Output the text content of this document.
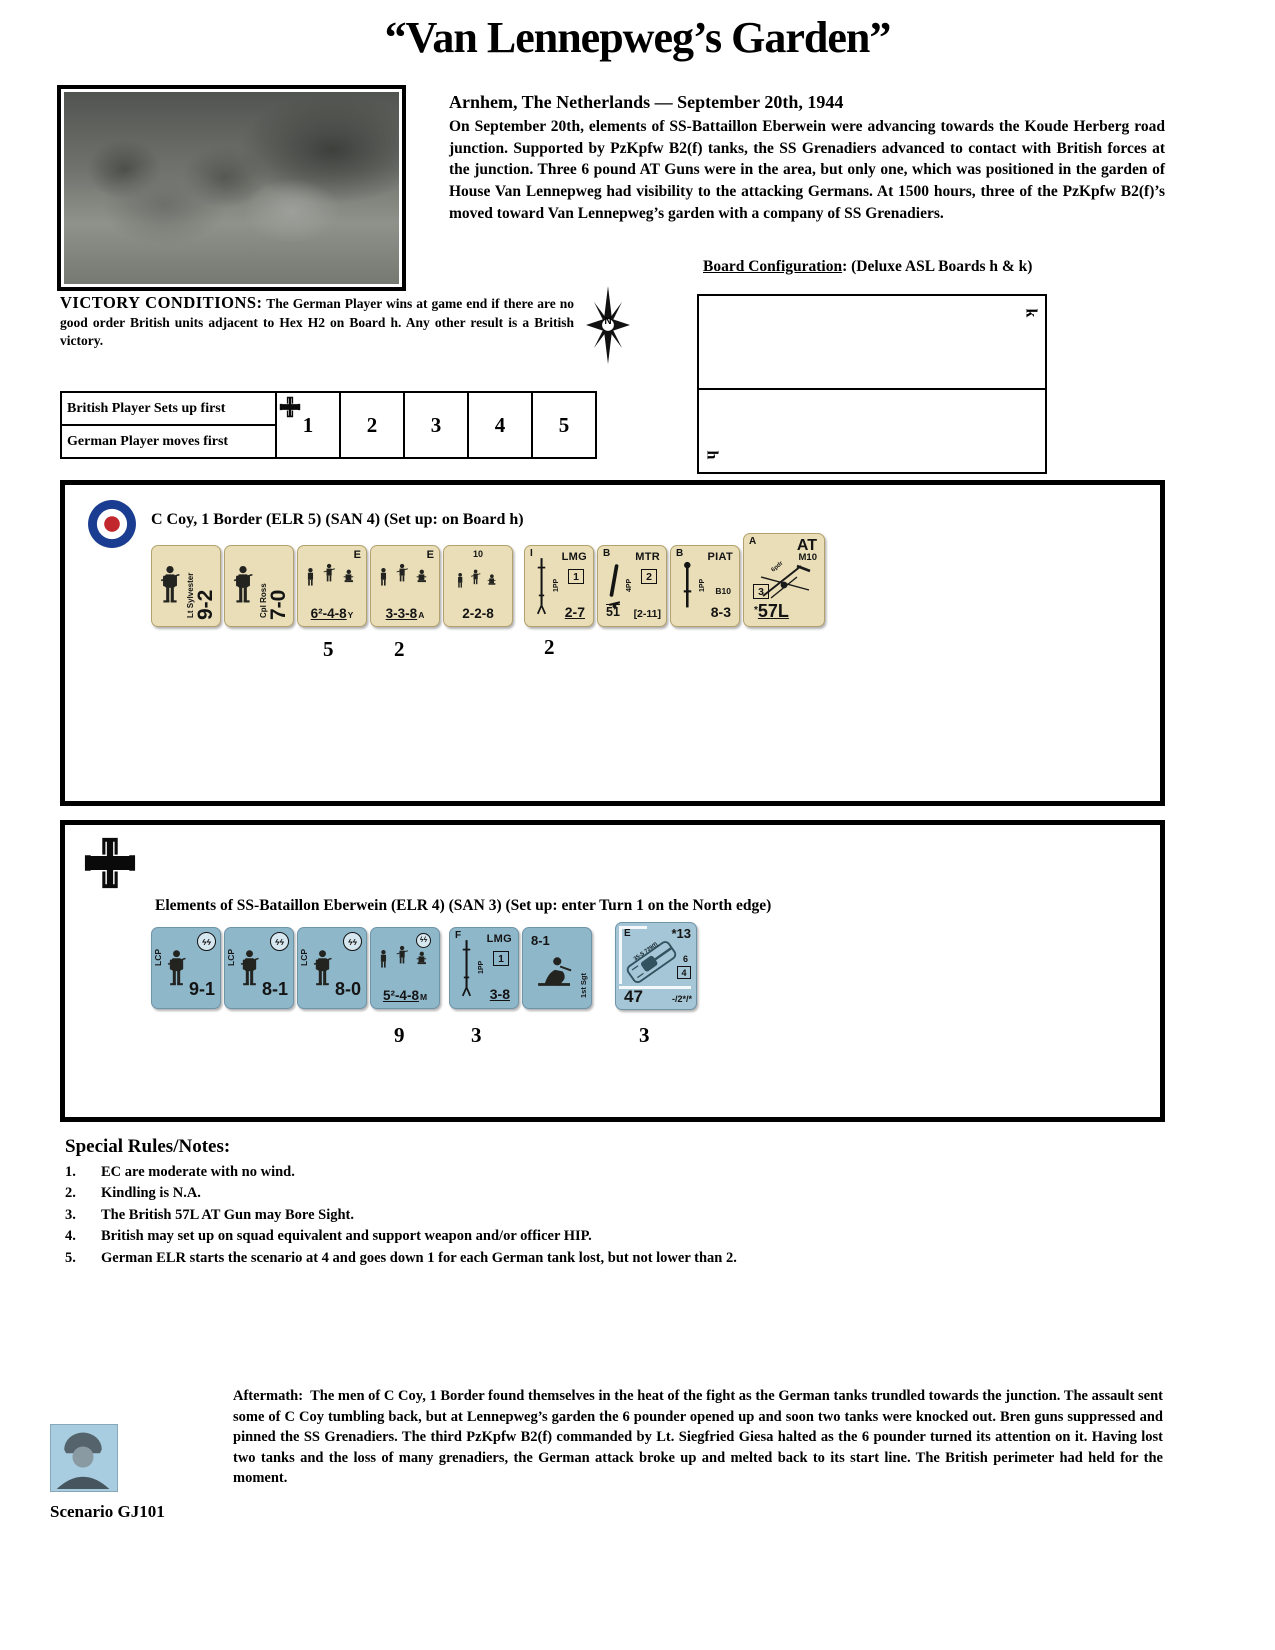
“Van Lennepweg’s Garden”
Arnhem, The Netherlands — September 20th, 1944
On September 20th, elements of SS-Battaillon Eberwein were advancing towards the Koude Herberg road junction. Supported by PzKpfw B2(f) tanks, the SS Grenadiers advanced to contact with British forces at the junction. Three 6 pound AT Guns were in the area, but only one, which was positioned in the garden of House Van Lennepweg had visibility to the attacking Germans. At 1500 hours, three of the PzKpfw B2(f)’s moved toward Van Lennepweg’s garden with a company of SS Grenadiers.
VICTORY CONDITIONS: The German Player wins at game end if there are no good order British units adjacent to Hex H2 on Board h. Any other result is a British victory.
N
Board Configuration: (Deluxe ASL Boards h & k)
k
h
British Player Sets up first
German Player moves first
1	2	3	4	5
C Coy, 1 Border (ELR 5) (SAN 4) (Set up: on Board h)
Lt Sylvester 9-2	Cpl Ross 7-0
E
6²-4-8Y
E
3-3-8A
10
2-2-8
I	LMG
1PP
1
2-7
B MTR
4PP
2
51 [2-11]
B PIAT
1PP B10
8-3
A	AT
M10
6pdr
3
*57L
5	2	2
Elements of SS-Bataillon Eberwein (ELR 4) (SAN 3) (Set up: enter Turn 1 on the North edge)
LCP
ϟϟ
9-1
LCP
ϟϟ
8-1
LCP
ϟϟ
8-0
ϟϟ
5²-4-8M
F LMG
1PP
1
3-8
8-1
1st Sgt
E	*13
35-S 739(f)	6
4
47	-/2*/*
9	3	3
Special Rules/Notes:
1.	EC are moderate with no wind.
2.	Kindling is N.A.
3.	The British 57L AT Gun may Bore Sight.
4.	British may set up on squad equivalent and support weapon and/or officer HIP.
5.	German ELR starts the scenario at 4 and goes down 1 for each German tank lost, but not lower than 2.
Aftermath: The men of C Coy, 1 Border found themselves in the heat of the fight as the German tanks trundled towards the junction. The assault sent some of C Coy tumbling back, but at Lennepweg’s garden the 6 pounder opened up and soon two tanks were knocked out. Bren guns suppressed and pinned the SS Grenadiers. The third PzKpfw B2(f) commanded by Lt. Siegfried Giesa halted as the 6 pounder turned its attention on it. Having lost two tanks and the loss of many grenadiers, the German attack broke up and melted back to its start line. The British perimeter had held for the moment.
Scenario GJ101
